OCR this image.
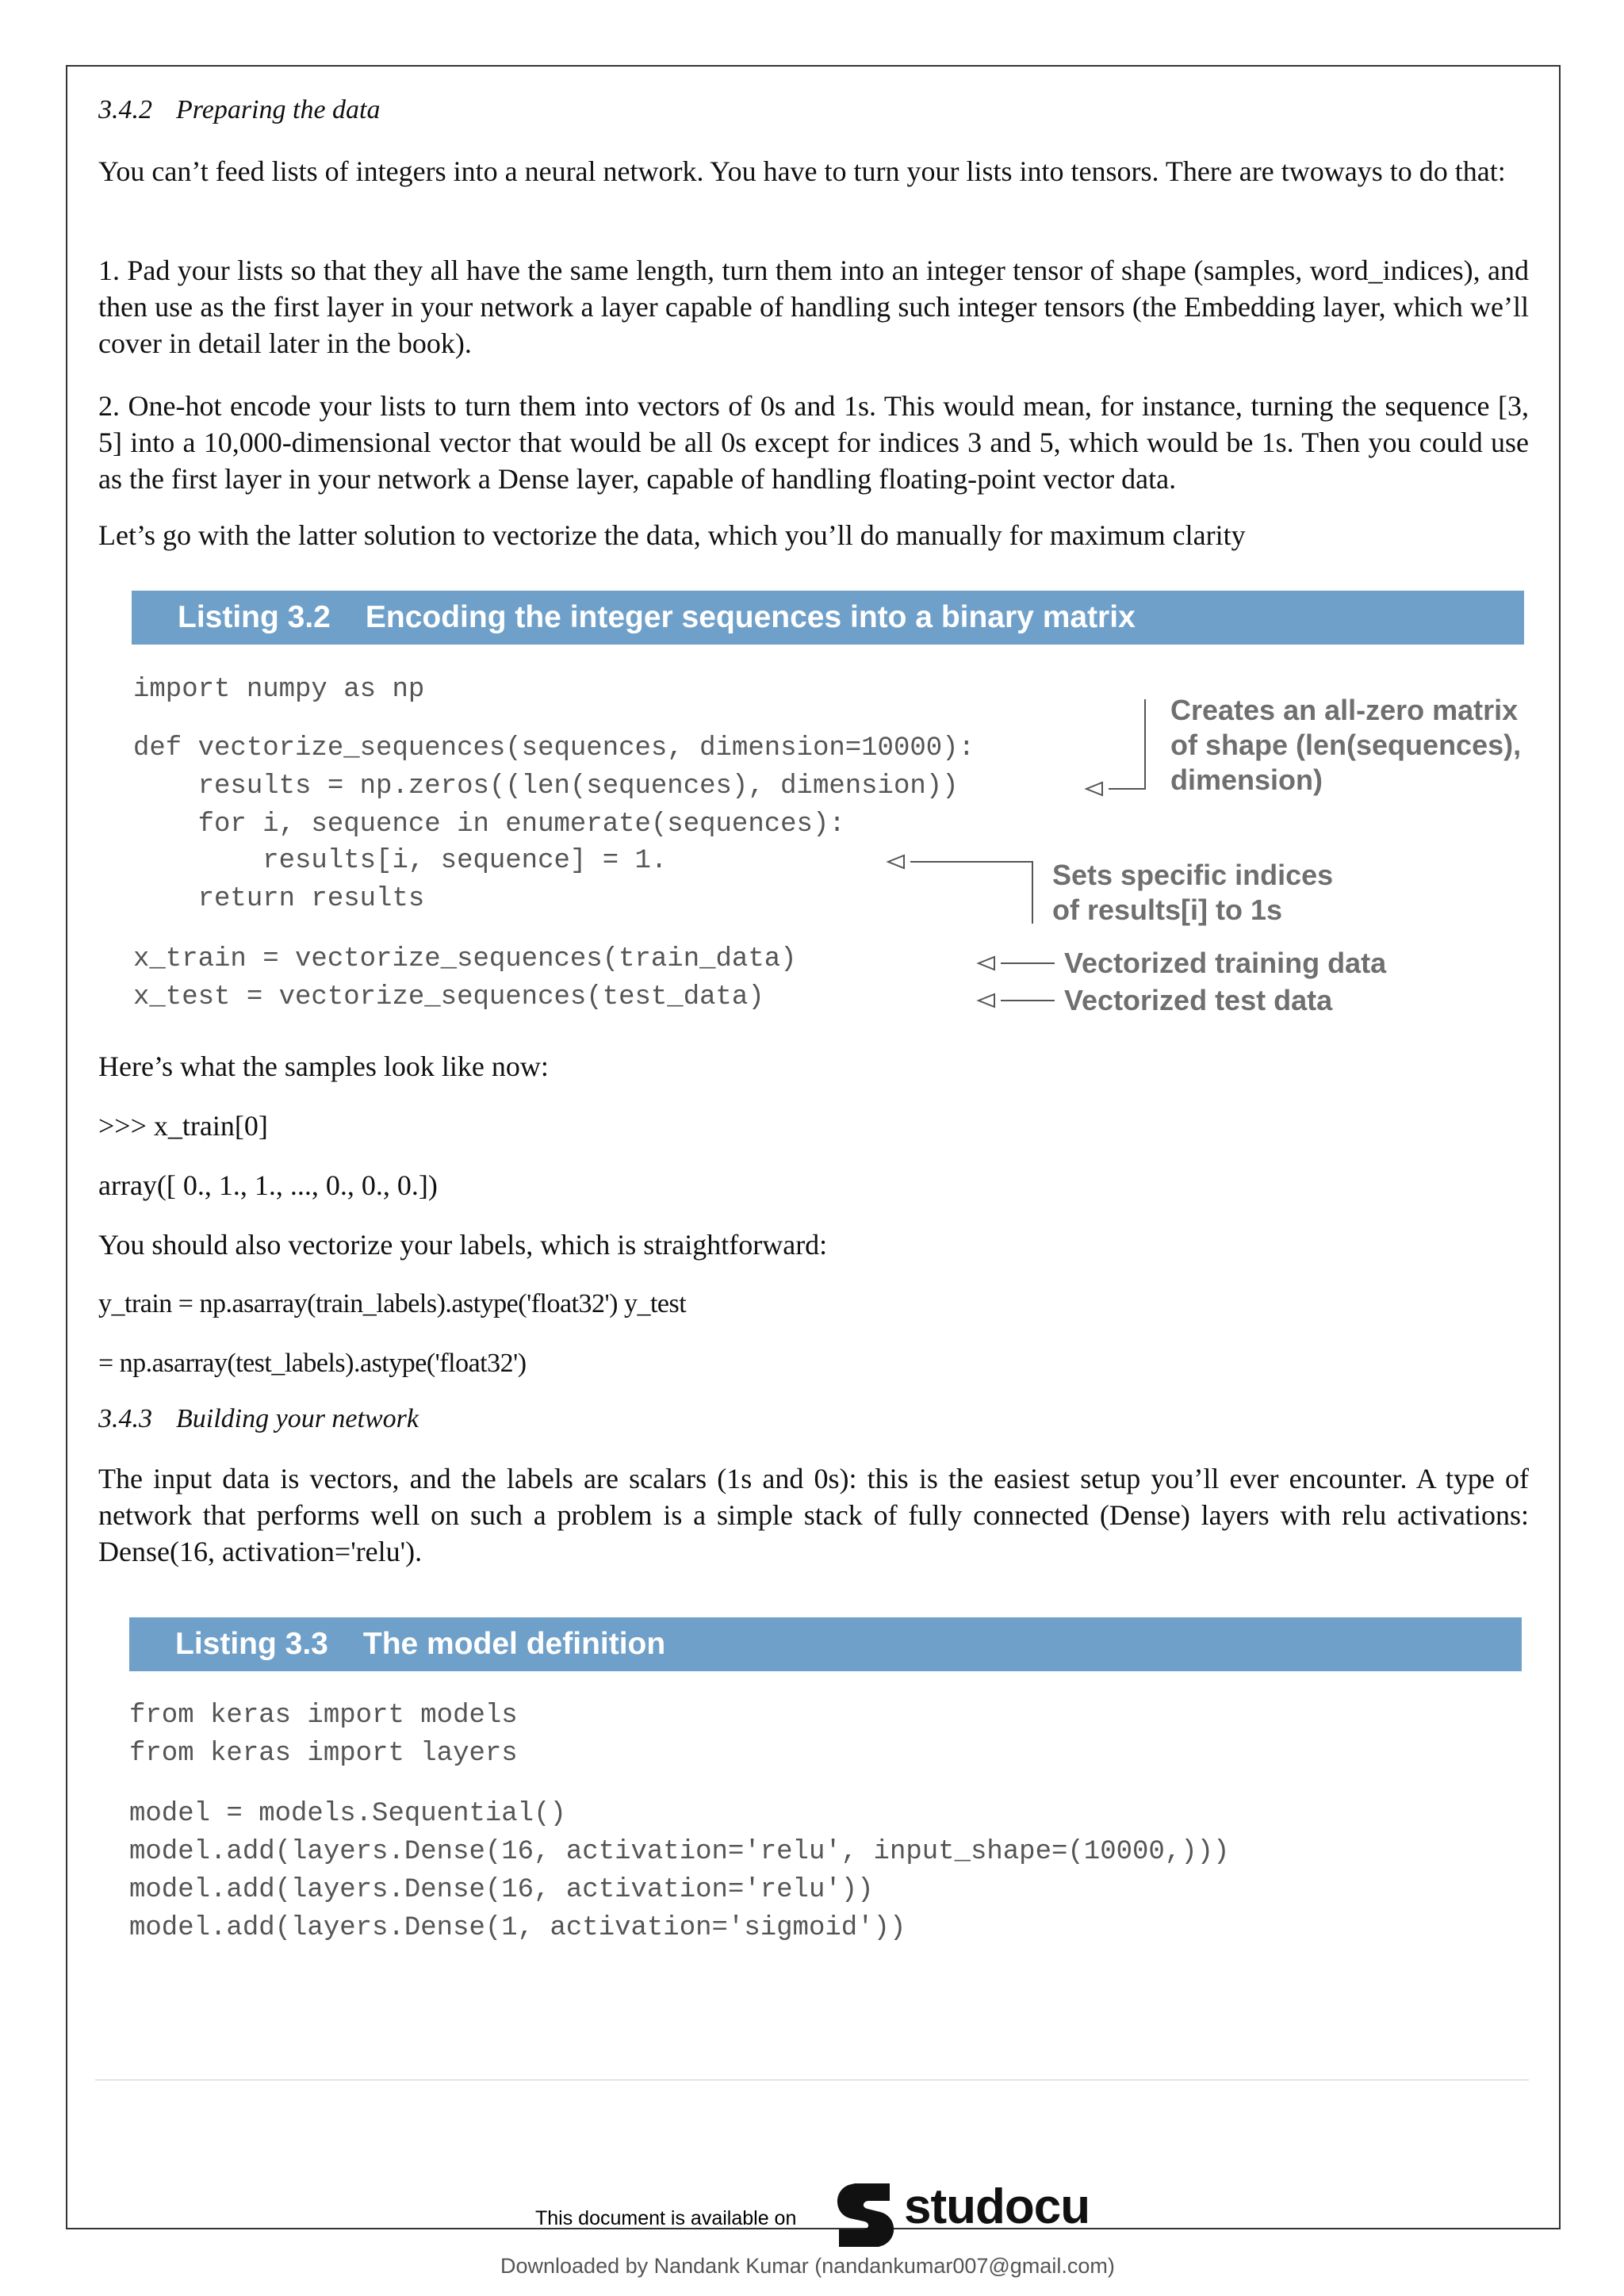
3.4.2 Preparing the data
You can’t feed lists of integers into a neural network. You have to turn your lists into tensors. There are twoways to do that:
1. Pad your lists so that they all have the same length, turn them into an integer tensor of shape (samples, word_indices), and then use as the first layer in your network a layer capable of handling such integer tensors (the Embedding layer, which we’ll cover in detail later in the book).
2. One-hot encode your lists to turn them into vectors of 0s and 1s. This would mean, for instance, turning the sequence [3, 5] into a 10,000-dimensional vector that would be all 0s except for indices 3 and 5, which would be 1s. Then you could use as the first layer in your network a Dense layer, capable of handling floating-point vector data.
Let’s go with the latter solution to vectorize the data, which you’ll do manually for maximum clarity
Listing 3.2 Encoding the integer sequences into a binary matrix
import numpy as np
def vectorize_sequences(sequences, dimension=10000):
results = np.zeros((len(sequences), dimension))
for i, sequence in enumerate(sequences):
results[i, sequence] = 1.
return results
x_train = vectorize_sequences(train_data)
x_test = vectorize_sequences(test_data)
Creates an all-zero matrix
of shape (len(sequences),
dimension)
Sets specific indices
of results[i] to 1s
Vectorized training data
Vectorized test data
Here’s what the samples look like now:
>>> x_train[0]
array([ 0., 1., 1., ..., 0., 0., 0.])
You should also vectorize your labels, which is straightforward:
y_train = np.asarray(train_labels).astype('float32') y_test
= np.asarray(test_labels).astype('float32')
3.4.3 Building your network
The input data is vectors, and the labels are scalars (1s and 0s): this is the easiest setup you’ll ever encounter. A type of network that performs well on such a problem is a simple stack of fully connected (Dense) layers with relu activations: Dense(16, activation='relu').
Listing 3.3 The model definition
from keras import models
from keras import layers
model = models.Sequential()
model.add(layers.Dense(16, activation='relu', input_shape=(10000,)))
model.add(layers.Dense(16, activation='relu'))
model.add(layers.Dense(1, activation='sigmoid'))
This document is available on studocu
Downloaded by Nandank Kumar (nandankumar007@gmail.com)
